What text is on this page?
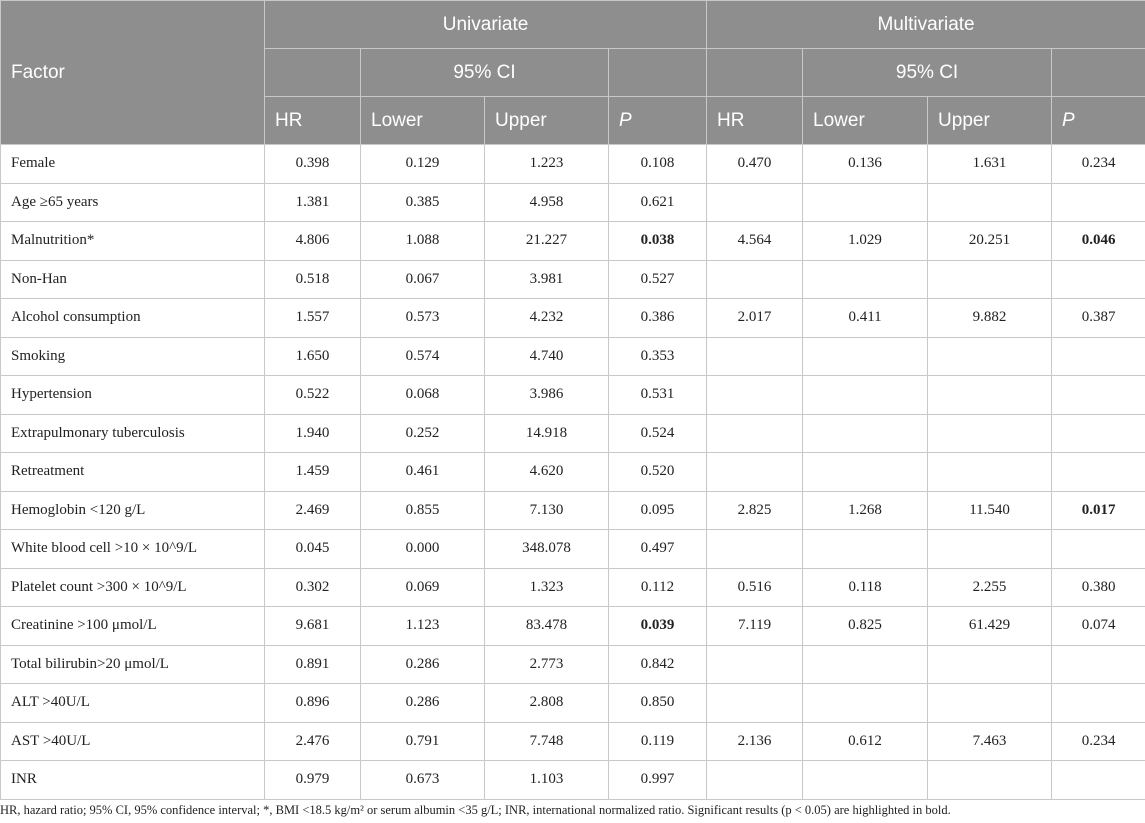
Factor	Univariate				Multivariate			
		95% CI				95% CI		
	HR	Lower	Upper	P	HR	Lower	Upper	P
Female	0.398	0.129	1.223	0.108	0.470	0.136	1.631	0.234
Age ≥65 years	1.381	0.385	4.958	0.621				
Malnutrition*	4.806	1.088	21.227	0.038	4.564	1.029	20.251	0.046
Non-Han	0.518	0.067	3.981	0.527				
Alcohol consumption	1.557	0.573	4.232	0.386	2.017	0.411	9.882	0.387
Smoking	1.650	0.574	4.740	0.353				
Hypertension	0.522	0.068	3.986	0.531				
Extrapulmonary tuberculosis	1.940	0.252	14.918	0.524				
Retreatment	1.459	0.461	4.620	0.520				
Hemoglobin <120 g/L	2.469	0.855	7.130	0.095	2.825	1.268	11.540	0.017
White blood cell >10 × 10^9/L	0.045	0.000	348.078	0.497				
Platelet count >300 × 10^9/L	0.302	0.069	1.323	0.112	0.516	0.118	2.255	0.380
Creatinine >100 μmol/L	9.681	1.123	83.478	0.039	7.119	0.825	61.429	0.074
Total bilirubin>20 μmol/L	0.891	0.286	2.773	0.842				
ALT >40U/L	0.896	0.286	2.808	0.850				
AST >40U/L	2.476	0.791	7.748	0.119	2.136	0.612	7.463	0.234
INR	0.979	0.673	1.103	0.997				
HR, hazard ratio; 95% CI, 95% confidence interval; *, BMI <18.5 kg/m² or serum albumin <35 g/L; INR, international normalized ratio. Significant results (p < 0.05) are highlighted in bold.
